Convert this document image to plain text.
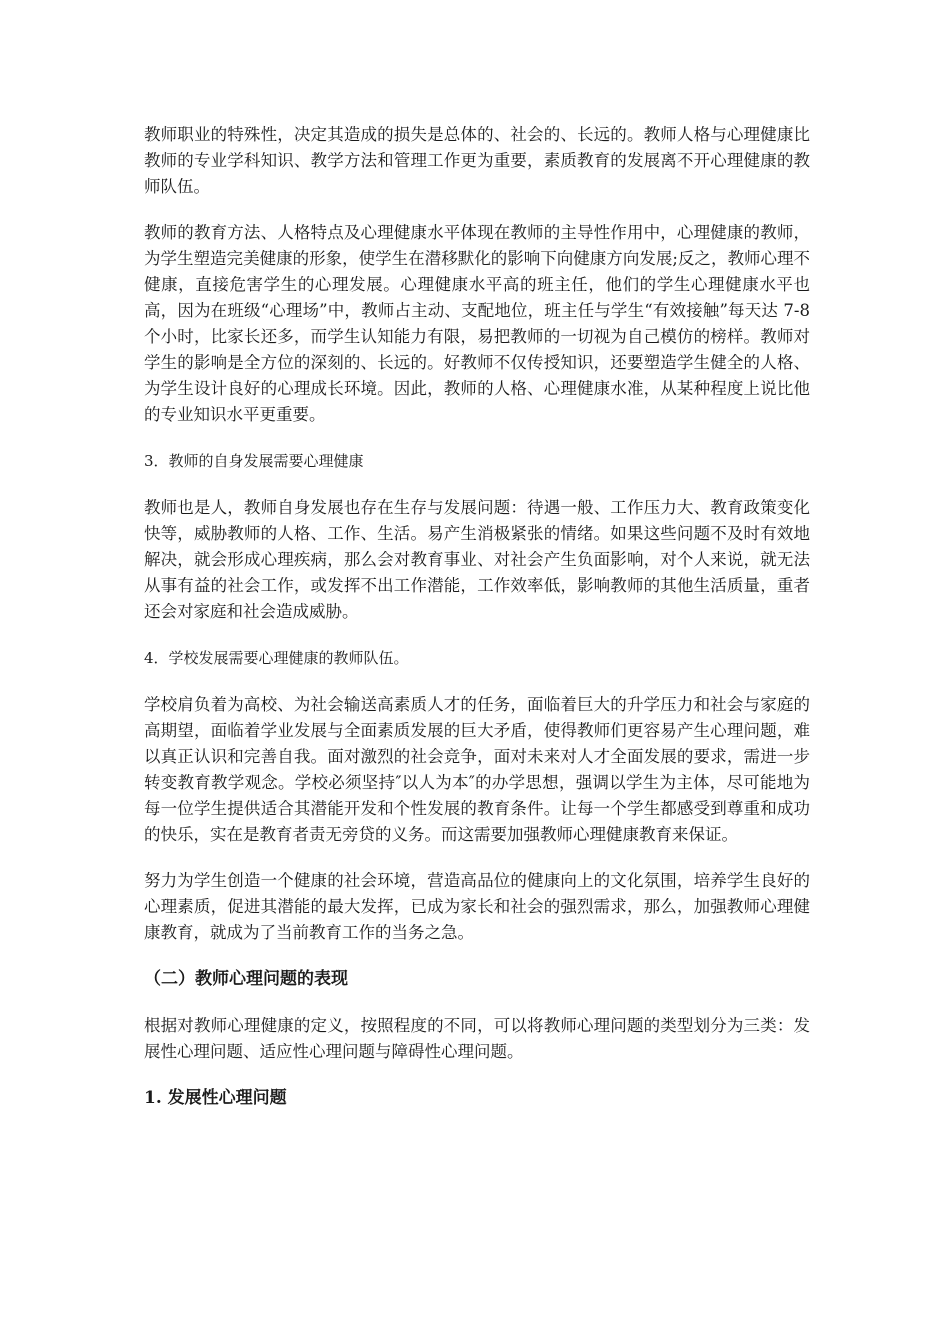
教师职业的特殊性，决定其造成的损失是总体的、社会的、长远的。教师人格与心理健康比教师的专业学科知识、教学方法和管理工作更为重要，素质教育的发展离不开心理健康的教师队伍。

教师的教育方法、人格特点及心理健康水平体现在教师的主导性作用中，心理健康的教师，为学生塑造完美健康的形象，使学生在潜移默化的影响下向健康方向发展;反之，教师心理不健康，直接危害学生的心理发展。心理健康水平高的班主任，他们的学生心理健康水平也高，因为在班级“心理场”中，教师占主动、支配地位，班主任与学生“有效接触”每天达 7-8 个小时，比家长还多，而学生认知能力有限，易把教师的一切视为自己模仿的榜样。教师对学生的影响是全方位的深刻的、长远的。好教师不仅传授知识，还要塑造学生健全的人格、为学生设计良好的心理成长环境。因此，教师的人格、心理健康水准，从某种程度上说比他的专业知识水平更重要。

3．教师的自身发展需要心理健康

教师也是人，教师自身发展也存在生存与发展问题：待遇一般、工作压力大、教育政策变化快等，威胁教师的人格、工作、生活。易产生消极紧张的情绪。如果这些问题不及时有效地解决，就会形成心理疾病，那么会对教育事业、对社会产生负面影响，对个人来说，就无法从事有益的社会工作，或发挥不出工作潜能，工作效率低，影响教师的其他生活质量，重者还会对家庭和社会造成威胁。

4．学校发展需要心理健康的教师队伍。

学校肩负着为高校、为社会输送高素质人才的任务，面临着巨大的升学压力和社会与家庭的高期望，面临着学业发展与全面素质发展的巨大矛盾，使得教师们更容易产生心理问题，难以真正认识和完善自我。面对激烈的社会竞争，面对未来对人才全面发展的要求，需进一步转变教育教学观念。学校必须坚持″以人为本″的办学思想，强调以学生为主体，尽可能地为每一位学生提供适合其潜能开发和个性发展的教育条件。让每一个学生都感受到尊重和成功的快乐，实在是教育者责无旁贷的义务。而这需要加强教师心理健康教育来保证。

努力为学生创造一个健康的社会环境，营造高品位的健康向上的文化氛围，培养学生良好的心理素质，促进其潜能的最大发挥，已成为家长和社会的强烈需求，那么，加强教师心理健康教育，就成为了当前教育工作的当务之急。

（二）教师心理问题的表现

根据对教师心理健康的定义，按照程度的不同，可以将教师心理问题的类型划分为三类：发展性心理问题、适应性心理问题与障碍性心理问题。

1. 发展性心理问题
